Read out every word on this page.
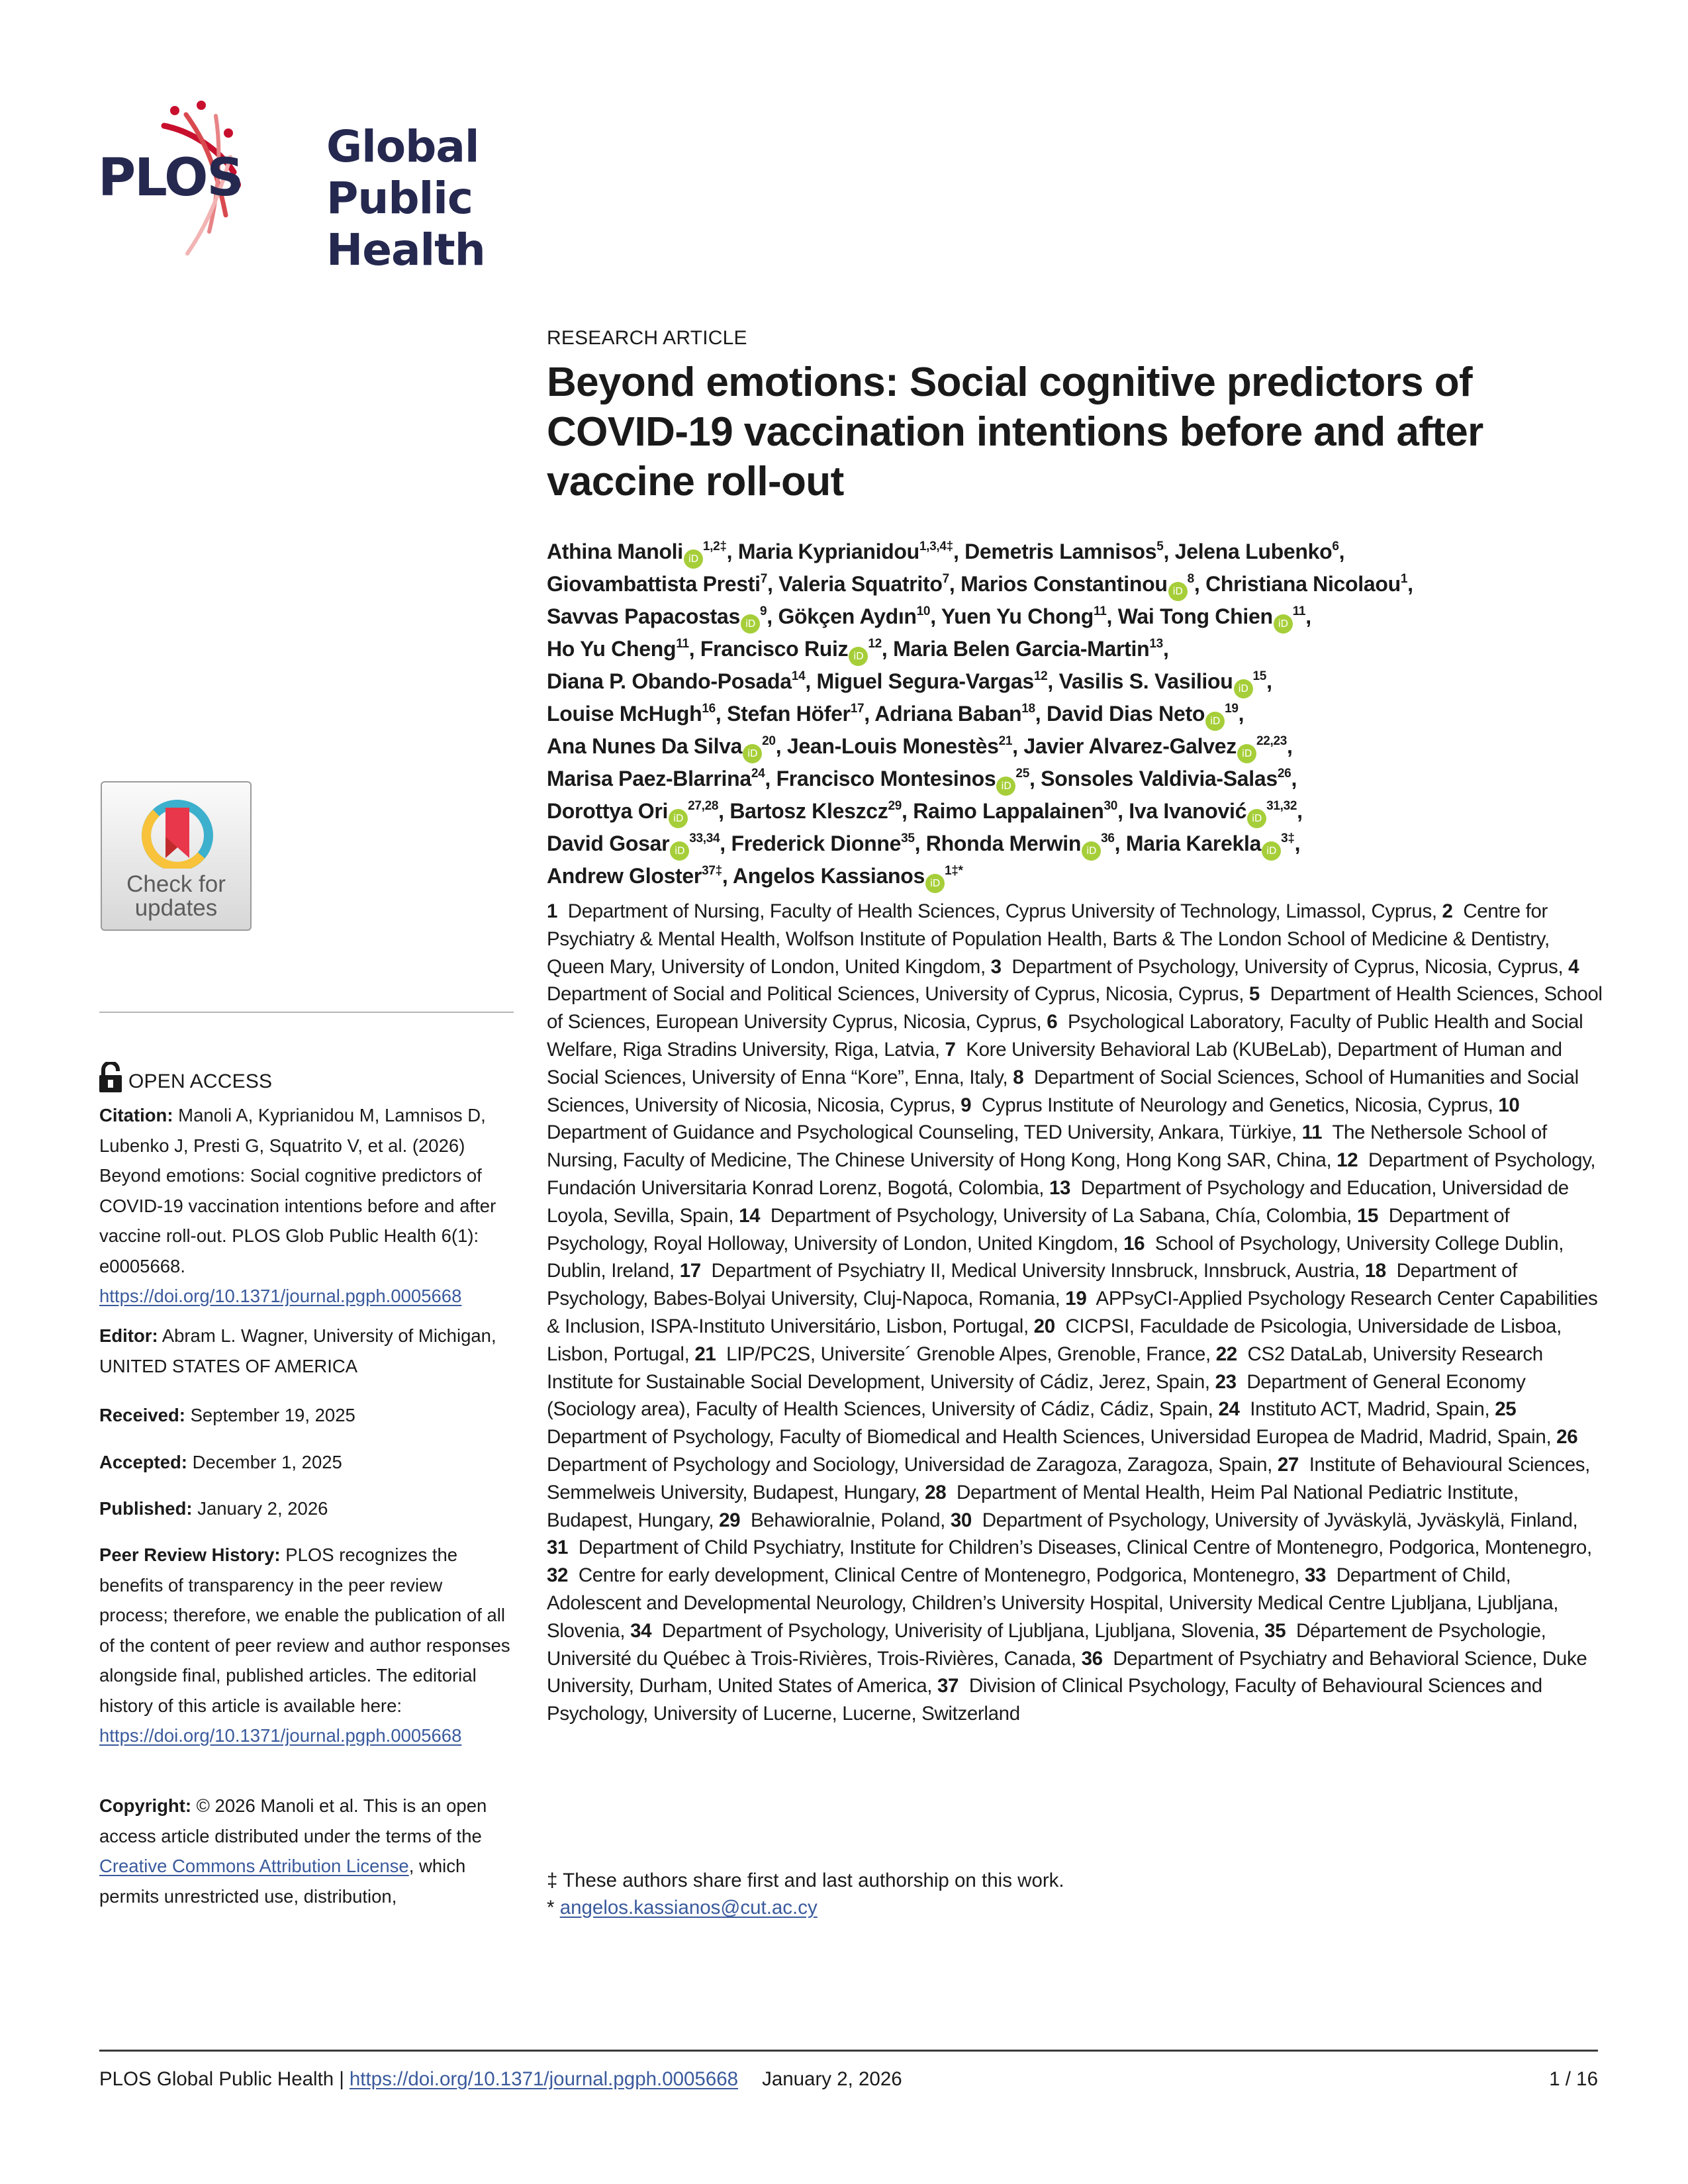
PLOS
Global Public
Health
Check for
updates
OPEN ACCESS
Citation: Manoli A, Kyprianidou M, Lamnisos D, Lubenko J, Presti G, Squatrito V, et al. (2026) Beyond emotions: Social cognitive predictors of COVID-19 vaccination intentions before and after vaccine roll-out. PLOS Glob Public Health 6(1): e0005668. https://doi.org/10.1371/journal.pgph.0005668
Editor: Abram L. Wagner, University of Michigan, UNITED STATES OF AMERICA
Received: September 19, 2025
Accepted: December 1, 2025
Published: January 2, 2026
Peer Review History: PLOS recognizes the benefits of transparency in the peer review process; therefore, we enable the publication of all of the content of peer review and author responses alongside final, published articles. The editorial history of this article is available here: https://doi.org/10.1371/journal.pgph.0005668
Copyright: © 2026 Manoli et al. This is an open access article distributed under the terms of the Creative Commons Attribution License, which permits unrestricted use, distribution,
RESEARCH ARTICLE
Beyond emotions: Social cognitive predictors of COVID-19 vaccination intentions before and after vaccine roll-out
Athina Manoli $iD^{1,2\ddagger}$, Maria Kyprianidou$^{1,3,4\ddagger}$, Demetris Lamnisos$^5$, Jelena Lubenko$^6$,
Giovambattista Presti$^7$, Valeria Squatrito$^7$, Marios Constantinou $iD^8$, Christiana Nicolaou$^1$,
Savvas Papacostas $iD^9$, Gökçen Aydın$^{10}$, Yuen Yu Chong$^{11}$, Wai Tong Chien $iD^{11}$,
Ho Yu Cheng$^{11}$, Francisco Ruiz $iD^{12}$, Maria Belen Garcia-Martin$^{13}$,
Diana P. Obando-Posada$^{14}$, Miguel Segura-Vargas$^{12}$, Vasilis S. Vasiliou $iD^{15}$,
Louise McHugh$^{16}$, Stefan Höfer$^{17}$, Adriana Baban$^{18}$, David Dias Neto $iD^{19}$,
Ana Nunes Da Silva $iD^{20}$, Jean-Louis Monestès$^{21}$, Javier Alvarez-Galvez iD$^{22,23}$,
Marisa Paez-Blarrina$^{24}$, Francisco Montesinos $iD^{25}$, Sonsoles Valdivia-Salas$^{26}$,
Dorottya Ori iD$^{27,28}$, Bartosz Kleszcz$^{29}$, Raimo Lappalainen$^{30}$, Iva Ivanović iD$^{31,32}$,
David Gosar iD$^{33,34}$, Frederick Dionne$^{35}$, Rhonda Merwin $iD^{36}$, Maria Karekla $iD^{3\ddagger}$,
Andrew Gloster$^{37\ddagger}$, Angelos Kassianos $iD^{1\ddagger*}$
1 Department of Nursing, Faculty of Health Sciences, Cyprus University of Technology, Limassol, Cyprus, 2 Centre for Psychiatry & Mental Health, Wolfson Institute of Population Health, Barts & The London School of Medicine & Dentistry, Queen Mary, University of London, United Kingdom, 3 Department of Psychology, University of Cyprus, Nicosia, Cyprus, 4  Department of Social and Political Sciences, University of Cyprus, Nicosia, Cyprus, 5 Department of Health Sciences, School of Sciences, European University Cyprus, Nicosia, Cyprus, 6 Psychological Laboratory, Faculty of Public Health and Social Welfare, Riga Stradins University, Riga, Latvia, 7 Kore University Behavioral Lab (KUBeLab), Department of Human and Social Sciences, University of Enna “Kore”, Enna, Italy, 8 Department of Social Sciences, School of Humanities and Social Sciences, University of Nicosia, Nicosia, Cyprus, 9 Cyprus Institute of Neurology and Genetics, Nicosia, Cyprus, 10  Department of Guidance and Psychological Counseling, TED University, Ankara, Türkiye, 11 The Nethersole School of Nursing, Faculty of Medicine, The Chinese University of Hong Kong, Hong Kong SAR, China, 12 Department of Psychology, Fundación Universitaria Konrad Lorenz, Bogotá, Colombia, 13 Department of Psychology and Education, Universidad de Loyola, Sevilla, Spain, 14 Department of Psychology, University of La Sabana, Chía, Colombia, 15 Department of Psychology, Royal Holloway, University of London, United Kingdom, 16 School of Psychology, University College Dublin, Dublin, Ireland, 17 Department of Psychiatry II, Medical University Innsbruck, Innsbruck, Austria, 18 Department of Psychology, Babes-Bolyai University, Cluj-Napoca, Romania, 19 APPsyCI-Applied Psychology Research Center Capabilities & Inclusion, ISPA-Instituto Universitário, Lisbon, Portugal, 20 CICPSI, Faculdade de Psicologia, Universidade de Lisboa, Lisbon, Portugal, 21 LIP/PC2S, Universite´ Grenoble Alpes, Grenoble, France, 22 CS2 DataLab, University Research Institute for Sustainable Social Development, University of Cádiz, Jerez, Spain, 23 Department of General Economy (Sociology area), Faculty of Health Sciences, University of Cádiz, Cádiz, Spain, 24 Instituto ACT, Madrid, Spain, 25  Department of Psychology, Faculty of Biomedical and Health Sciences, Universidad Europea de Madrid, Madrid, Spain, 26  Department of Psychology and Sociology, Universidad de Zaragoza, Zaragoza, Spain, 27 Institute of Behavioural Sciences, Semmelweis University, Budapest, Hungary, 28 Department of Mental Health, Heim Pal National Pediatric Institute, Budapest, Hungary, 29 Behawioralnie, Poland, 30 Department of Psychology, University of Jyväskylä, Jyväskylä, Finland, 31 Department of Child Psychiatry, Institute for Children’s Diseases, Clinical Centre of Montenegro, Podgorica, Montenegro, 32 Centre for early development, Clinical Centre of Montenegro, Podgorica, Montenegro, 33 Department of Child, Adolescent and Developmental Neurology, Children’s University Hospital, University Medical Centre Ljubljana, Ljubljana, Slovenia, 34 Department of Psychology, Univerisity of Ljubljana, Ljubljana, Slovenia, 35 Département de Psychologie, Université du Québec à Trois-Rivières, Trois-Rivières, Canada, 36 Department of Psychiatry and Behavioral Science, Duke University, Durham, United States of America, 37 Division of Clinical Psychology, Faculty of Behavioural Sciences and Psychology, University of Lucerne, Lucerne, Switzerland
‡ These authors share first and last authorship on this work.
* angelos.kassianos@cut.ac.cy
PLOS Global Public Health | https://doi.org/10.1371/journal.pgph.0005668 January 2, 2026	1 / 16
